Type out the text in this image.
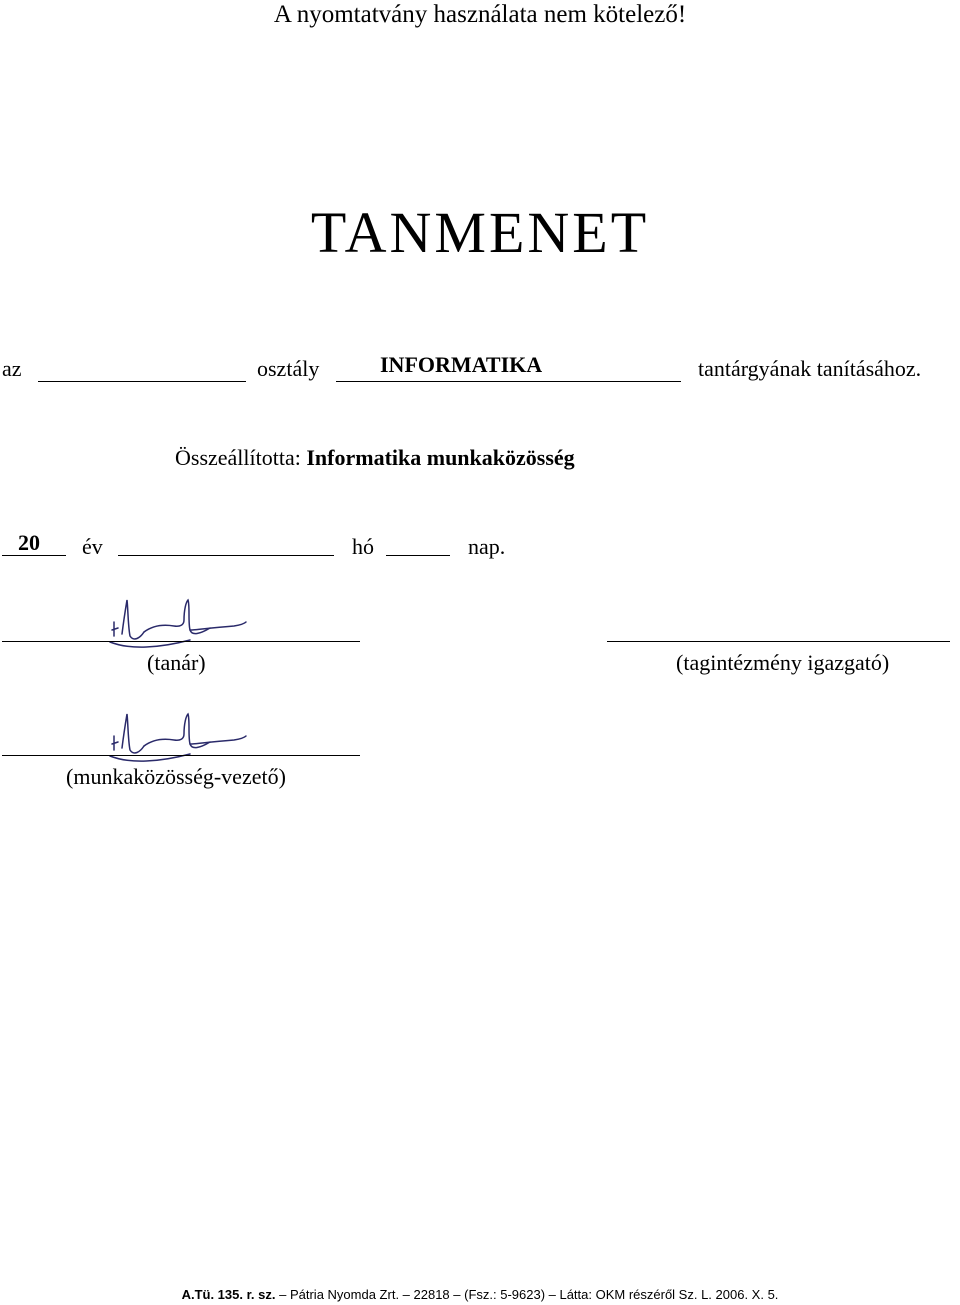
A nyomtatvány használata nem kötelező!
TANMENET
az	osztály	INFORMATIKA	tantárgyának tanításához.
Összeállította: Informatika munkaközösség
20 év	hó	nap.
(tanár)	(tagintézmény igazgató)
(munkaközösség-vezető)
A.Tü. 135. r. sz. – Pátria Nyomda Zrt. – 22818 – (Fsz.: 5-9623) – Látta: OKM részéről Sz. L. 2006. X. 5.
